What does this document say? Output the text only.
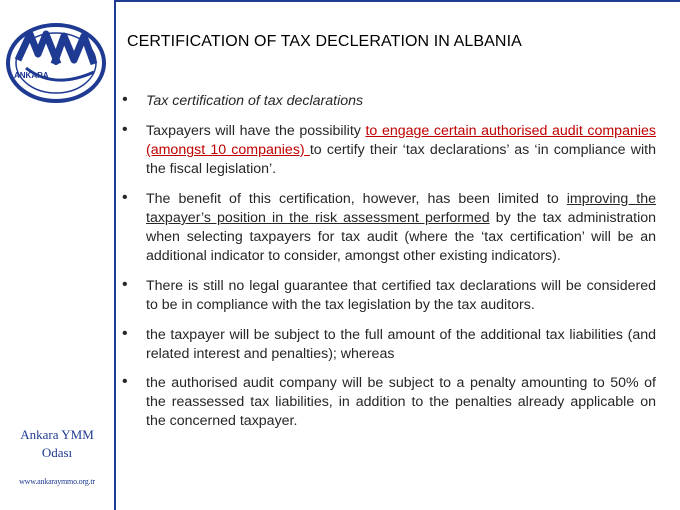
ANKARA
Ankara YMM
Odası
www.ankaraymmo.org.tr
CERTIFICATION OF TAX DECLERATION IN ALBANIA
• Tax certification of tax declarations
• Taxpayers will have the possibility to engage certain authorised audit companies (amongst 10 companies) to certify their ‘tax declarations’ as ‘in compliance with the fiscal legislation’.
• The benefit of this certification, however, has been limited to improving the taxpayer’s position in the risk assessment performed by the tax administration when selecting taxpayers for tax audit (where the ‘tax certification’ will be an additional indicator to consider, amongst other existing indicators).
• There is still no legal guarantee that certified tax declarations will be considered to be in compliance with the tax legislation by the tax auditors.
• the taxpayer will be subject to the full amount of the additional tax liabilities (and related interest and penalties); whereas
• the authorised audit company will be subject to a penalty amounting to 50% of the reassessed tax liabilities, in addition to the penalties already applicable on the concerned taxpayer.
